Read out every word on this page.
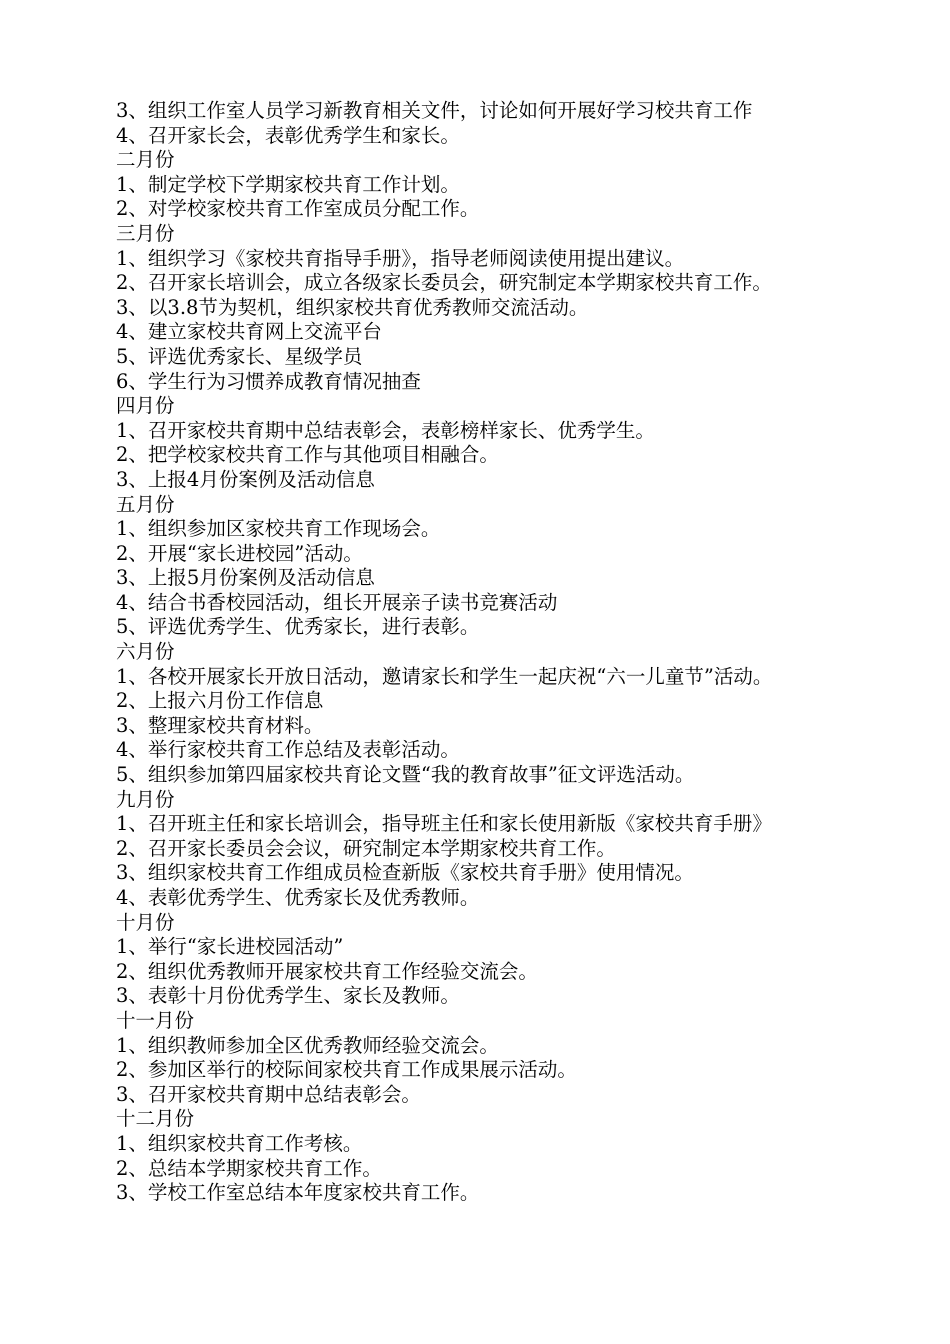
3、组织工作室人员学习新教育相关文件，讨论如何开展好学习校共育工作
4、召开家长会，表彰优秀学生和家长。
二月份
1、制定学校下学期家校共育工作计划。
2、对学校家校共育工作室成员分配工作。
三月份
1、组织学习《家校共育指导手册》，指导老师阅读使用提出建议。
2、召开家长培训会，成立各级家长委员会，研究制定本学期家校共育工作。
3、以3.8节为契机，组织家校共育优秀教师交流活动。
4、建立家校共育网上交流平台
5、评选优秀家长、星级学员
6、学生行为习惯养成教育情况抽查
四月份
1、召开家校共育期中总结表彰会，表彰榜样家长、优秀学生。
2、把学校家校共育工作与其他项目相融合。
3、上报4月份案例及活动信息
五月份
1、组织参加区家校共育工作现场会。
2、开展“家长进校园”活动。
3、上报5月份案例及活动信息
4、结合书香校园活动，组长开展亲子读书竞赛活动
5、评选优秀学生、优秀家长，进行表彰。
六月份
1、各校开展家长开放日活动，邀请家长和学生一起庆祝“六一儿童节”活动。
2、上报六月份工作信息
3、整理家校共育材料。
4、举行家校共育工作总结及表彰活动。
5、组织参加第四届家校共育论文暨“我的教育故事”征文评选活动。
九月份
1、召开班主任和家长培训会，指导班主任和家长使用新版《家校共育手册》
2、召开家长委员会会议，研究制定本学期家校共育工作。
3、组织家校共育工作组成员检查新版《家校共育手册》使用情况。
4、表彰优秀学生、优秀家长及优秀教师。
十月份
1、举行“家长进校园活动”
2、组织优秀教师开展家校共育工作经验交流会。
3、表彰十月份优秀学生、家长及教师。
十一月份
1、组织教师参加全区优秀教师经验交流会。
2、参加区举行的校际间家校共育工作成果展示活动。
3、召开家校共育期中总结表彰会。
十二月份
1、组织家校共育工作考核。
2、总结本学期家校共育工作。
3、学校工作室总结本年度家校共育工作。
